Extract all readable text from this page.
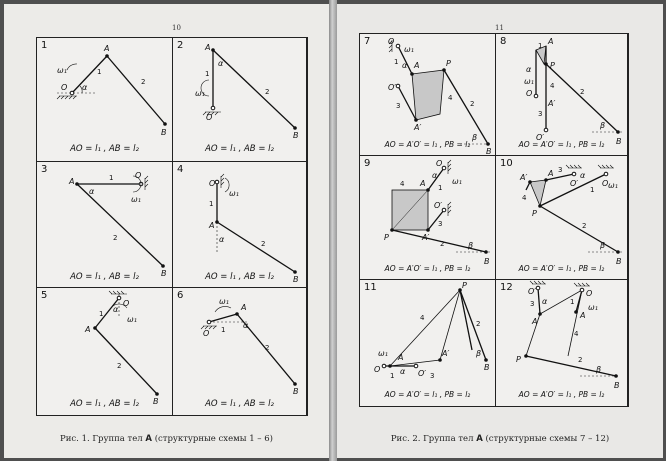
10
1
O
A
B
α
ω₁	1
2
AO = l₁ , AB = l₂
2	A
O
B
α
ω₁
1
2
AO = l₁ , AB = l₂
3
A
O
B
α
ω₁
1
2
AO = l₁ , AB = l₂
4
O
A
B
α
ω₁
1
2
AO = l₁ , AB = l₂
5
O
A
B
α
ω₁
1
2
AO = l₁ , AB = l₂
6
O
A
B
α
ω₁
1
2
AO = l₁ , AB = l₂
Рис. 1. Группа тел A (структурные схемы 1 – 6)
11
7 O
O′
A
A′
P
B
β
α
ω₁
1
2
3
4
AO = A′O′ = l₁ , PB = l₂
8	A
O
O′
P
A′
B
β
α
ω₁
1
2
3
4
AO = A′O′ = l₁ , PB = l₂
9	O
O′
A
A′
P
B
β
α
ω₁
1
2
3
4
AO = A′O′ = l₁ , PB = l₂
10
O′	O
A′	A
P
B
β
α
ω₁
1
2
3
4
AO = A′O′ = l₁ , PB = l₂
11
O	O′
A	A′
P
B
β
α
ω₁
1
2
3
4
AO = A′O′ = l₁ , PB = l₂
12 O′	O
A′
A
P
B
β
α
ω₁
1
2
3
4
AO = A′O′ = l₁ , PB = l₂
Рис. 2. Группа тел A (структурные схемы 7 – 12)
